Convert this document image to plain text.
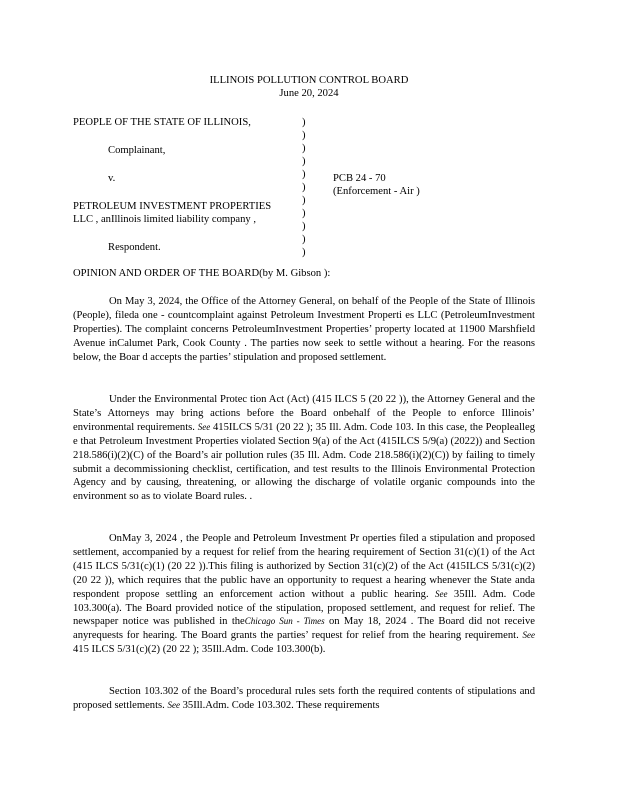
ILLINOIS POLLUTION CONTROL BOARD
June 20, 2024
PEOPLE OF THE STATE OF ILLINOIS,
Complainant,
v.
PETROLEUM INVESTMENT PROPERTIES
LLC , anIllinois limited liability company ,
Respondent.
PCB 24 - 70
(Enforcement - Air )
)
)
)
)
)
)
)
)
)
)
)
OPINION AND ORDER OF THE BOARD(by M. Gibson ):

On May 3, 2024, the Office of the Attorney General, on behalf of the People of the State of Illinois (People), fileda one - countcomplaint against Petroleum Investment Properti es LLC (PetroleumInvestment Properties). The complaint concerns PetroleumInvestment Properties’ property located at 11900 Marshfield Avenue inCalumet Park, Cook County . The parties now seek to settle without a hearing. For the reasons below, the Boar d accepts the parties’ stipulation and proposed settlement.

Under the Environmental Protec tion Act (Act) (415 ILCS 5 (20 22 )), the Attorney General and the State’s Attorneys may bring actions before the Board onbehalf of the People to enforce Illinois’ environmental requirements. See 415ILCS 5/31 (20 22 ); 35 Ill. Adm. Code 103. In this case, the Peoplealleg e that Petroleum Investment Properties violated Section 9(a) of the Act (415ILCS 5/9(a) (2022)) and Section 218.586(i)(2)(C) of the Board’s air pollution rules (35 Ill. Adm. Code 218.586(i)(2)(C)) by failing to timely submit a decommissioning checklist, certification, and test results to the Illinois Environmental Protection Agency and by causing, threatening, or allowing the discharge of volatile organic compounds into the environment so as to violate Board rules. .

OnMay 3, 2024 , the People and Petroleum Investment Pr operties filed a stipulation and proposed settlement, accompanied by a request for relief from the hearing requirement of Section 31(c)(1) of the Act (415 ILCS 5/31(c)(1) (20 22 )).This filing is authorized by Section 31(c)(2) of the Act (415ILCS 5/31(c)(2) (20 22 )), which requires that the public have an opportunity to request a hearing whenever the State anda respondent propose settling an enforcement action without a public hearing. See 35Ill. Adm. Code 103.300(a). The Board provided notice of the stipulation, proposed settlement, and request for relief. The newspaper notice was published in theChicago Sun - Times on May 18, 2024 . The Board did not receive anyrequests for hearing. The Board grants the parties’ request for relief from the hearing requirement. See 415 ILCS 5/31(c)(2) (20 22 ); 35Ill.Adm. Code 103.300(b).

Section 103.302 of the Board’s procedural rules sets forth the required contents of stipulations and proposed settlements. See 35Ill.Adm. Code 103.302. These requirements
